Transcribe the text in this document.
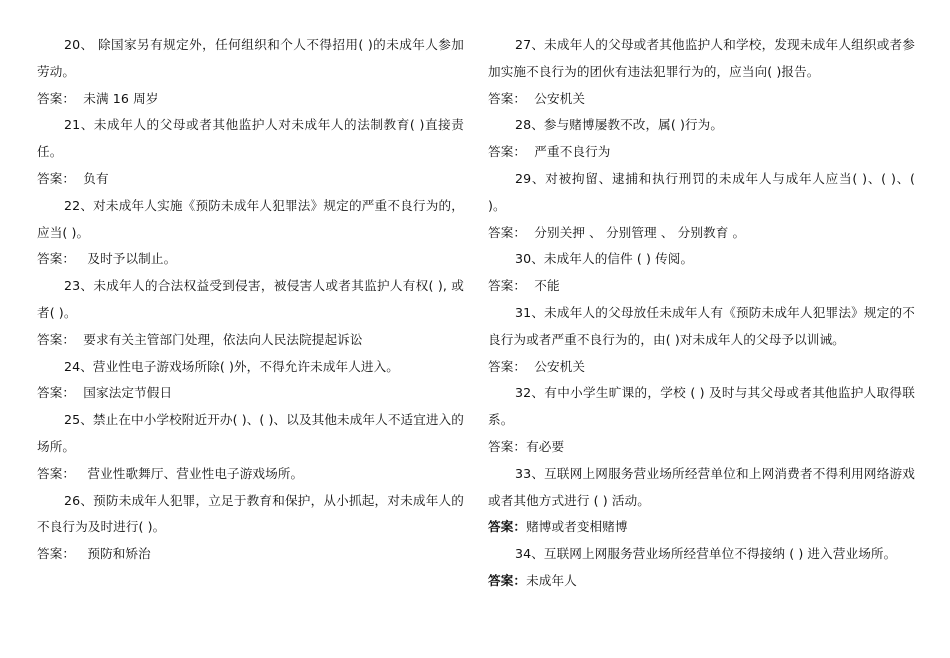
20、 除国家另有规定外，任何组织和个人不得招用( )的未成年人参加劳动。

答案：  未满 16 周岁

21、未成年人的父母或者其他监护人对未成年人的法制教育( )直接责任。

答案：  负有

22、对未成年人实施《预防未成年人犯罪法》规定的严重不良行为的，应当( )。

答案：   及时予以制止。

23、未成年人的合法权益受到侵害，被侵害人或者其监护人有权( ), 或者( )。

答案：  要求有关主管部门处理，依法向人民法院提起诉讼

24、营业性电子游戏场所除( )外，不得允许未成年人进入。

答案：  国家法定节假日

25、禁止在中小学校附近开办( )、( )、以及其他未成年人不适宜进入的场所。

答案：   营业性歌舞厅、营业性电子游戏场所。

26、预防未成年人犯罪，立足于教育和保护，从小抓起，对未成年人的不良行为及时进行( )。

答案：   预防和矫治

27、未成年人的父母或者其他监护人和学校，发现未成年人组织或者参加实施不良行为的团伙有违法犯罪行为的，应当向( )报告。

答案：  公安机关

28、参与赌博屡教不改，属( )行为。

答案：  严重不良行为

29、对被拘留、逮捕和执行刑罚的未成年人与成年人应当( )、( )、( )。

答案：  分别关押 、 分别管理 、 分别教育 。

30、未成年人的信件 ( ) 传阅。

答案：  不能

31、未成年人的父母放任未成年人有《预防未成年人犯罪法》规定的不良行为或者严重不良行为的，由( )对未成年人的父母予以训诫。

答案：  公安机关

32、有中小学生旷课的，学校 ( ) 及时与其父母或者其他监护人取得联系。

答案：有必要

33、互联网上网服务营业场所经营单位和上网消费者不得利用网络游戏或者其他方式进行 ( ) 活动。

答案：赌博或者变相赌博

34、互联网上网服务营业场所经营单位不得接纳 ( ) 进入营业场所。

答案：未成年人
